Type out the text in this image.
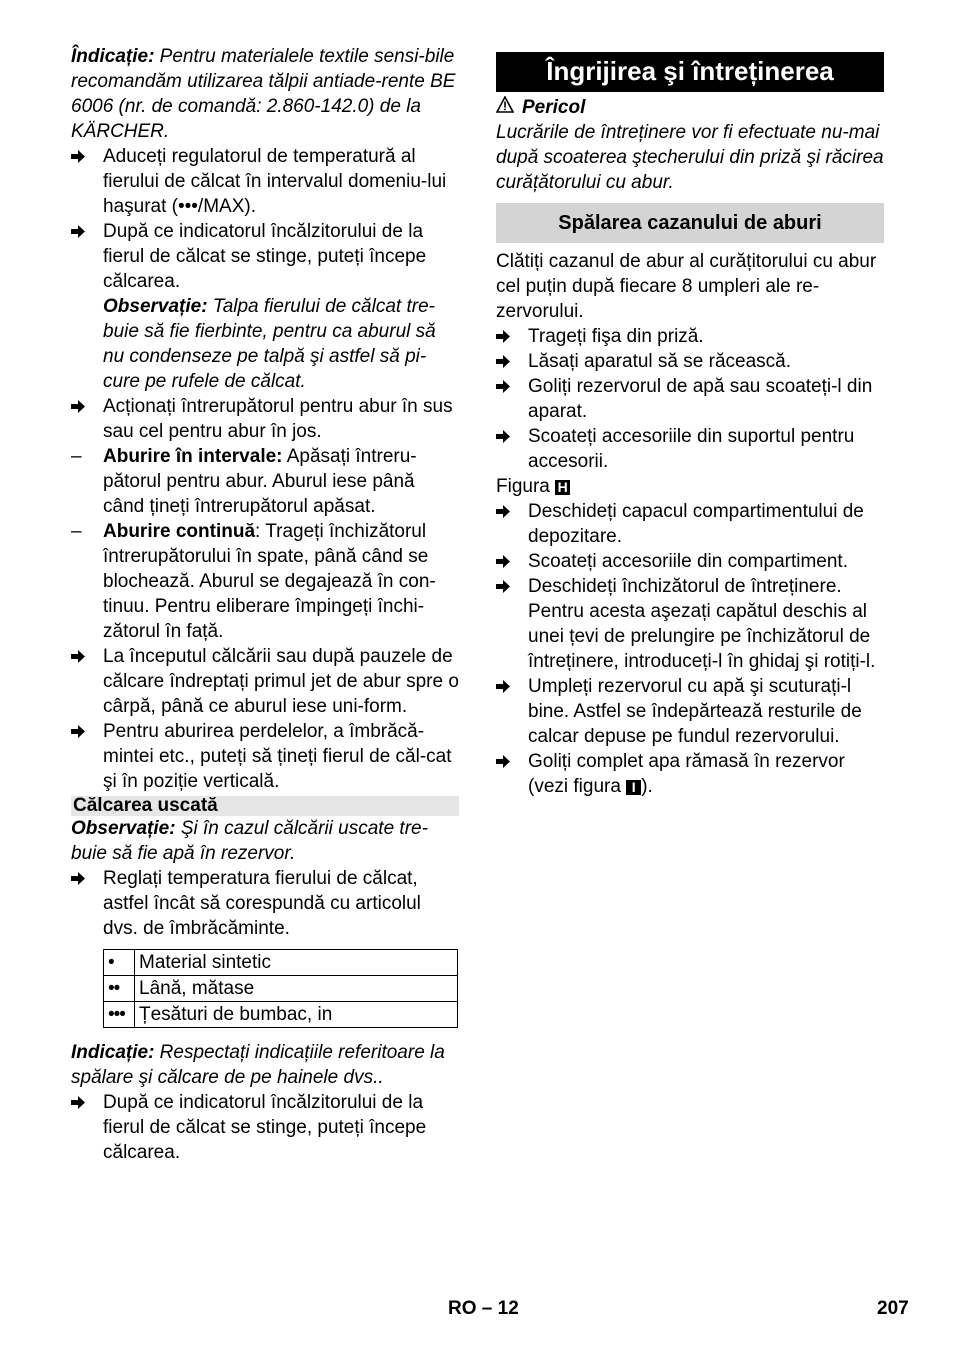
Îndicație: Pentru materialele textile sensi-bile recomandăm utilizarea tălpii antiade-rente BE 6006 (nr. de comandă: 2.860-142.0) de la KÄRCHER.

Aduceți regulatorul de temperatură al fierului de călcat în intervalul domeniu-lui haşurat (•••/MAX).
După ce indicatorul încălzitorului de la fierul de călcat se stinge, puteți începe călcarea.

Observație: Talpa fierului de călcat tre-buie să fie fierbinte, pentru ca aburul să nu condenseze pe talpă şi astfel să pi-cure pe rufele de călcat.

Acționați întrerupătorul pentru abur în sus sau cel pentru abur în jos.
–	Aburire în intervale: Apăsați întreru-pătorul pentru abur. Aburul iese până când țineți întrerupătorul apăsat.
–	Aburire continuă: Trageți închizătorul întrerupătorului în spate, până când se blochează. Aburul se degajează în con-tinuu. Pentru eliberare împingeți închi-zătorul în față.
La începutul călcării sau după pauzele de călcare îndreptați primul jet de abur spre o cârpă, până ce aburul iese uni-form.
Pentru aburirea perdelelor, a îmbrăcă-mintei etc., puteți să țineți fierul de căl-cat şi în poziție verticală.
Călcarea uscată

Observație: Şi în cazul călcării uscate tre-buie să fie apă în rezervor.

Reglați temperatura fierului de călcat, astfel încât să corespundă cu articolul dvs. de îmbrăcăminte.
•	Material sintetic
••	Lână, mătase
•••	Țesături de bumbac, in

Indicație: Respectați indicațiile referitoare la spălare şi călcare de pe hainele dvs..

După ce indicatorul încălzitorului de la fierul de călcat se stinge, puteți începe călcarea.
Îngrijirea şi întreținerea
Pericol

Lucrările de întreținere vor fi efectuate nu-mai după scoaterea ştecherului din priză şi răcirea curățătorului cu abur.

Spălarea cazanului de aburi

Clătiți cazanul de abur al curățitorului cu abur cel puțin după fiecare 8 umpleri ale re-zervorului.

Trageți fişa din priză.
Lăsați aparatul să se răcească.
Goliți rezervorul de apă sau scoateți-l din aparat.
Scoateți accesoriile din suportul pentru accesorii.

Figura H

Deschideți capacul compartimentului de depozitare.
Scoateți accesoriile din compartiment.
Deschideți închizătorul de întreținere. Pentru acesta aşezați capătul deschis al unei țevi de prelungire pe închizătorul de întreținere, introduceți-l în ghidaj şi rotiți-l.
Umpleți rezervorul cu apă şi scuturați-l bine. Astfel se îndepărtează resturile de calcar depuse pe fundul rezervorului.
Goliți complet apa rămasă în rezervor (vezi figura I ).
RO – 12	207
